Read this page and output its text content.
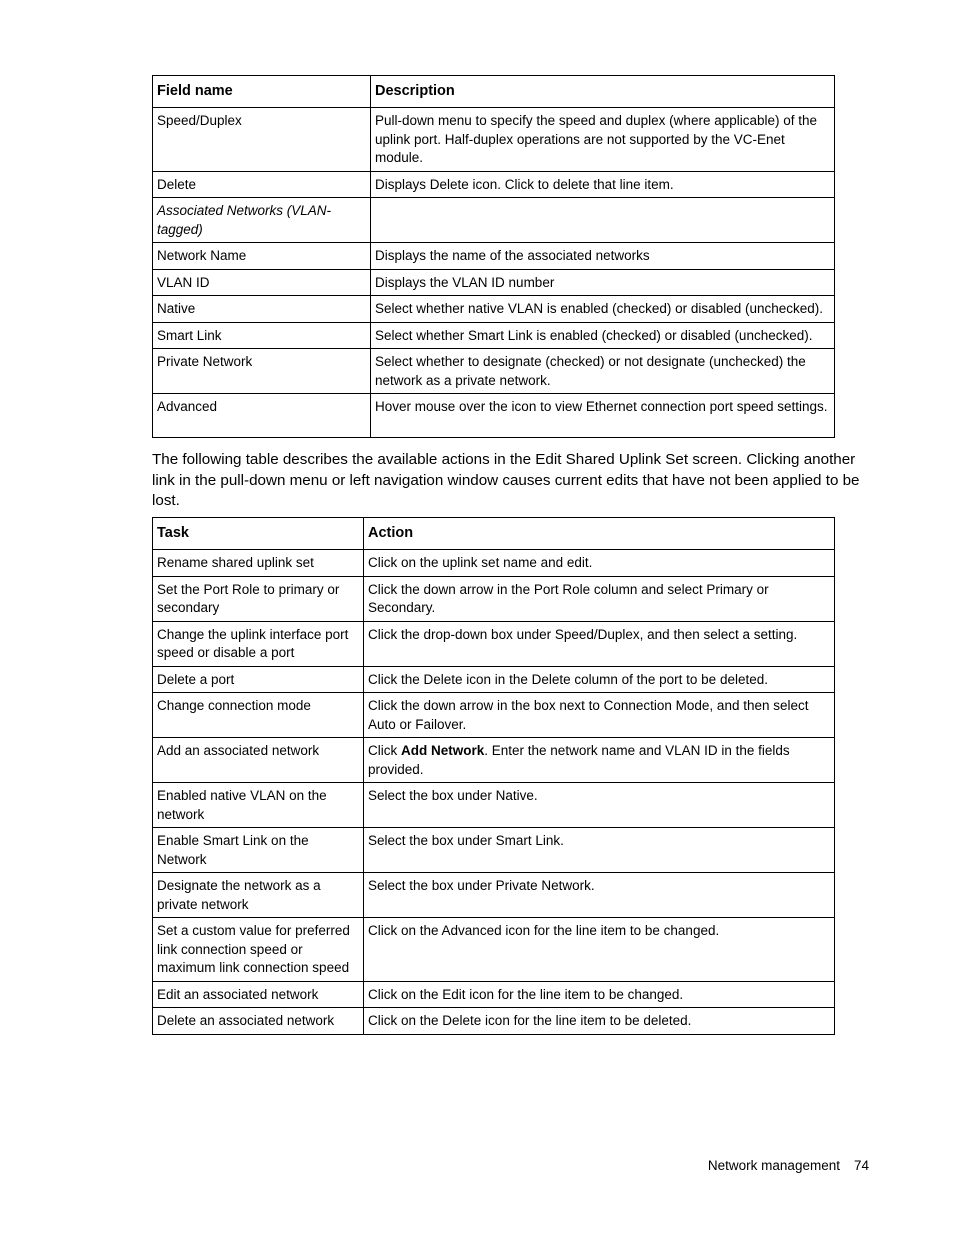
Field name	Description
Speed/Duplex	Pull-down menu to specify the speed and duplex (where applicable) of the uplink port. Half-duplex operations are not supported by the VC-Enet module.
Delete	Displays Delete icon. Click to delete that line item.
Associated Networks (VLAN-tagged)	
Network Name	Displays the name of the associated networks
VLAN ID	Displays the VLAN ID number
Native	Select whether native VLAN is enabled (checked) or disabled (unchecked).
Smart Link	Select whether Smart Link is enabled (checked) or disabled (unchecked).
Private Network	Select whether to designate (checked) or not designate (unchecked) the network as a private network.
Advanced	Hover mouse over the icon to view Ethernet connection port speed settings.

The following table describes the available actions in the Edit Shared Uplink Set screen. Clicking another link in the pull-down menu or left navigation window causes current edits that have not been applied to be lost.

Task	Action
Rename shared uplink set	Click on the uplink set name and edit.
Set the Port Role to primary or secondary	Click the down arrow in the Port Role column and select Primary or Secondary.
Change the uplink interface port speed or disable a port	Click the drop-down box under Speed/Duplex, and then select a setting.
Delete a port	Click the Delete icon in the Delete column of the port to be deleted.
Change connection mode	Click the down arrow in the box next to Connection Mode, and then select Auto or Failover.
Add an associated network	Click Add Network. Enter the network name and VLAN ID in the fields provided.
Enabled native VLAN on the network	Select the box under Native.
Enable Smart Link on the Network	Select the box under Smart Link.
Designate the network as a private network	Select the box under Private Network.
Set a custom value for preferred link connection speed or maximum link connection speed	Click on the Advanced icon for the line item to be changed.
Edit an associated network	Click on the Edit icon for the line item to be changed.
Delete an associated network	Click on the Delete icon for the line item to be deleted.
Network management 74
